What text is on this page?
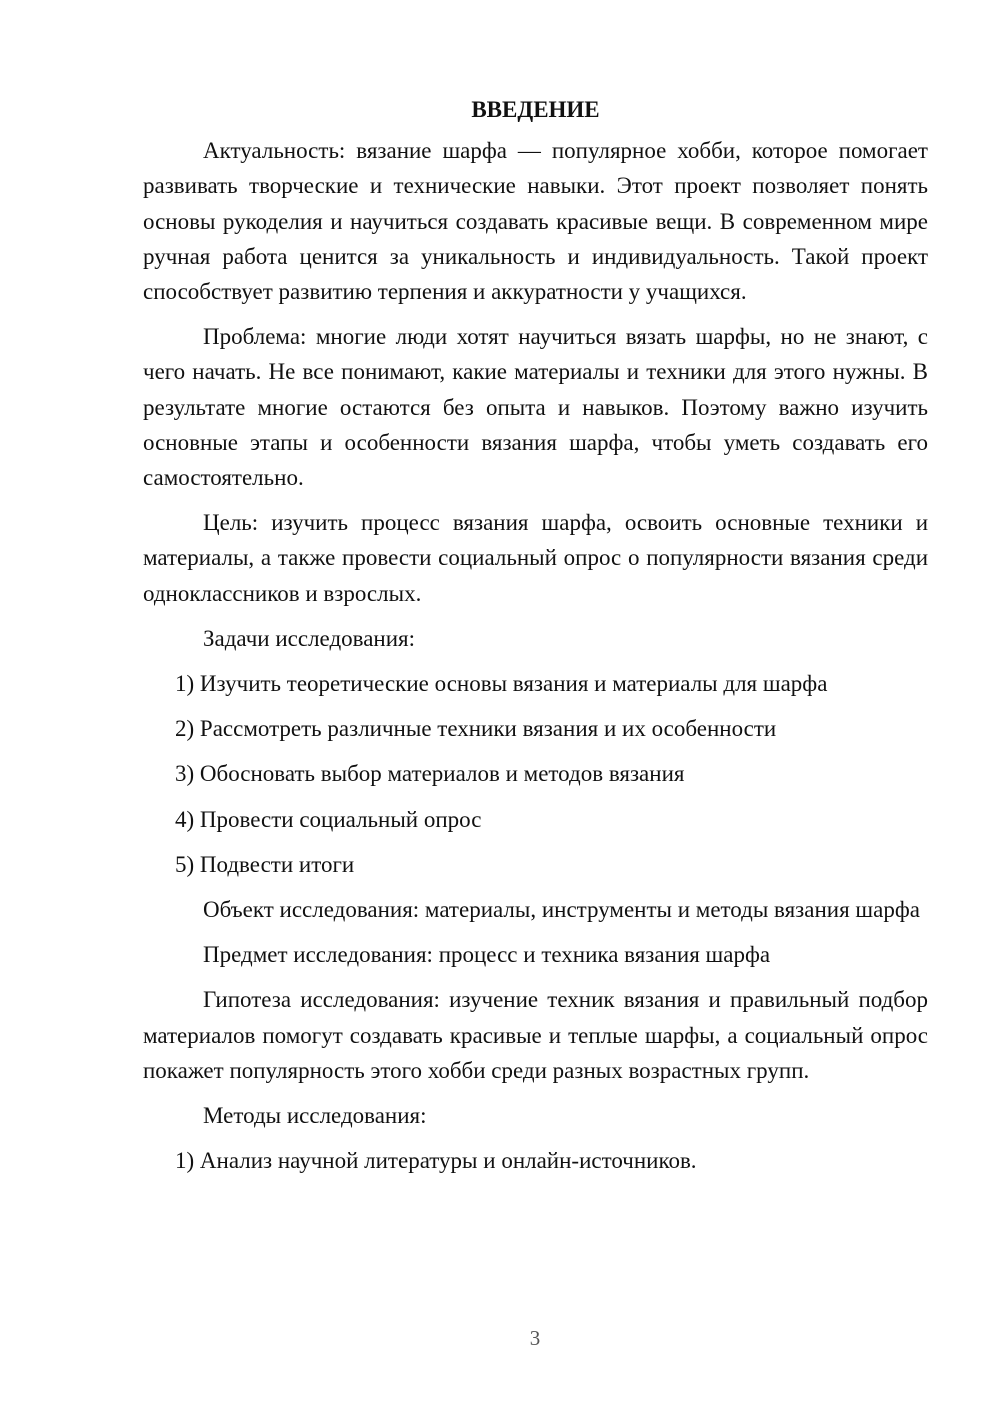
ВВЕДЕНИЕ

Актуальность: вязание шарфа — популярное хобби, которое помогает развивать творческие и технические навыки. Этот проект позволяет понять основы рукоделия и научиться создавать красивые вещи. В современном мире ручная работа ценится за уникальность и индивидуальность. Такой проект способствует развитию терпения и аккуратности у учащихся.

Проблема: многие люди хотят научиться вязать шарфы, но не знают, с чего начать. Не все понимают, какие материалы и техники для этого нужны. В результате многие остаются без опыта и навыков. Поэтому важно изучить основные этапы и особенности вязания шарфа, чтобы уметь создавать его самостоятельно.

Цель: изучить процесс вязания шарфа, освоить основные техники и материалы, а также провести социальный опрос о популярности вязания среди одноклассников и взрослых.

Задачи исследования:

1) Изучить теоретические основы вязания и материалы для шарфа

2) Рассмотреть различные техники вязания и их особенности

3) Обосновать выбор материалов и методов вязания

4) Провести социальный опрос

5) Подвести итоги

Объект исследования: материалы, инструменты и методы вязания шарфа

Предмет исследования: процесс и техника вязания шарфа

Гипотеза исследования: изучение техник вязания и правильный подбор материалов помогут создавать красивые и теплые шарфы, а социальный опрос покажет популярность этого хобби среди разных возрастных групп.

Методы исследования:

1) Анализ научной литературы и онлайн-источников.

3
